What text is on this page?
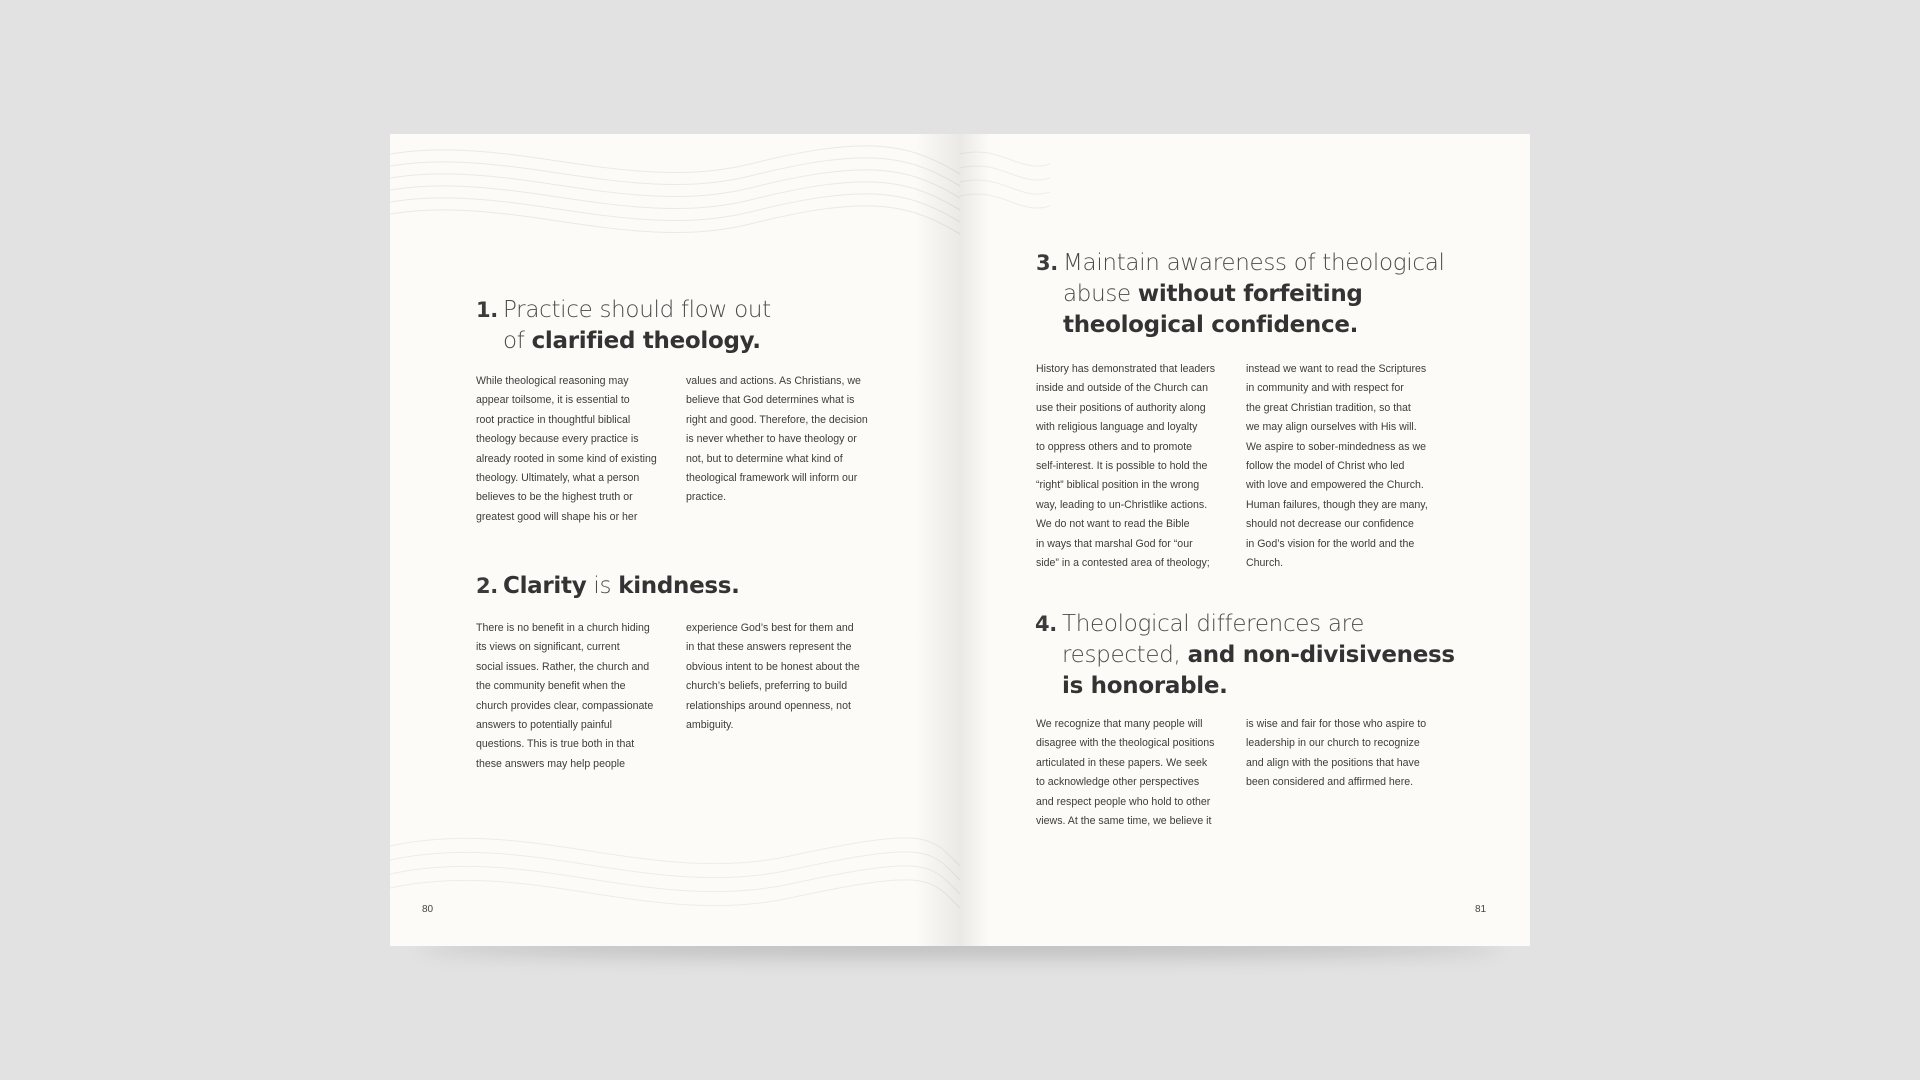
1. Practice should flow out
of clarified theology.
While theological reasoning may
appear toilsome, it is essential to
root practice in thoughtful biblical
theology because every practice is
already rooted in some kind of existing
theology. Ultimately, what a person
believes to be the highest truth or
greatest good will shape his or her
values and actions. As Christians, we
believe that God determines what is
right and good. Therefore, the decision
is never whether to have theology or
not, but to determine what kind of
theological framework will inform our
practice.
2. Clarity is kindness.
There is no benefit in a church hiding
its views on significant, current
social issues. Rather, the church and
the community benefit when the
church provides clear, compassionate
answers to potentially painful
questions. This is true both in that
these answers may help people
experience God’s best for them and
in that these answers represent the
obvious intent to be honest about the
church’s beliefs, preferring to build
relationships around openness, not
ambiguity.
80
3. Maintain awareness of theological
abuse without forfeiting
theological confidence.
History has demonstrated that leaders
inside and outside of the Church can
use their positions of authority along
with religious language and loyalty
to oppress others and to promote
self-interest. It is possible to hold the
“right” biblical position in the wrong
way, leading to un-Christlike actions.
We do not want to read the Bible
in ways that marshal God for “our
side” in a contested area of theology;
instead we want to read the Scriptures
in community and with respect for
the great Christian tradition, so that
we may align ourselves with His will.
We aspire to sober-mindedness as we
follow the model of Christ who led
with love and empowered the Church.
Human failures, though they are many,
should not decrease our confidence
in God’s vision for the world and the
Church.
4. Theological differences are
respected, and non-divisiveness
is honorable.
We recognize that many people will
disagree with the theological positions
articulated in these papers. We seek
to acknowledge other perspectives
and respect people who hold to other
views. At the same time, we believe it
is wise and fair for those who aspire to
leadership in our church to recognize
and align with the positions that have
been considered and affirmed here.
81
